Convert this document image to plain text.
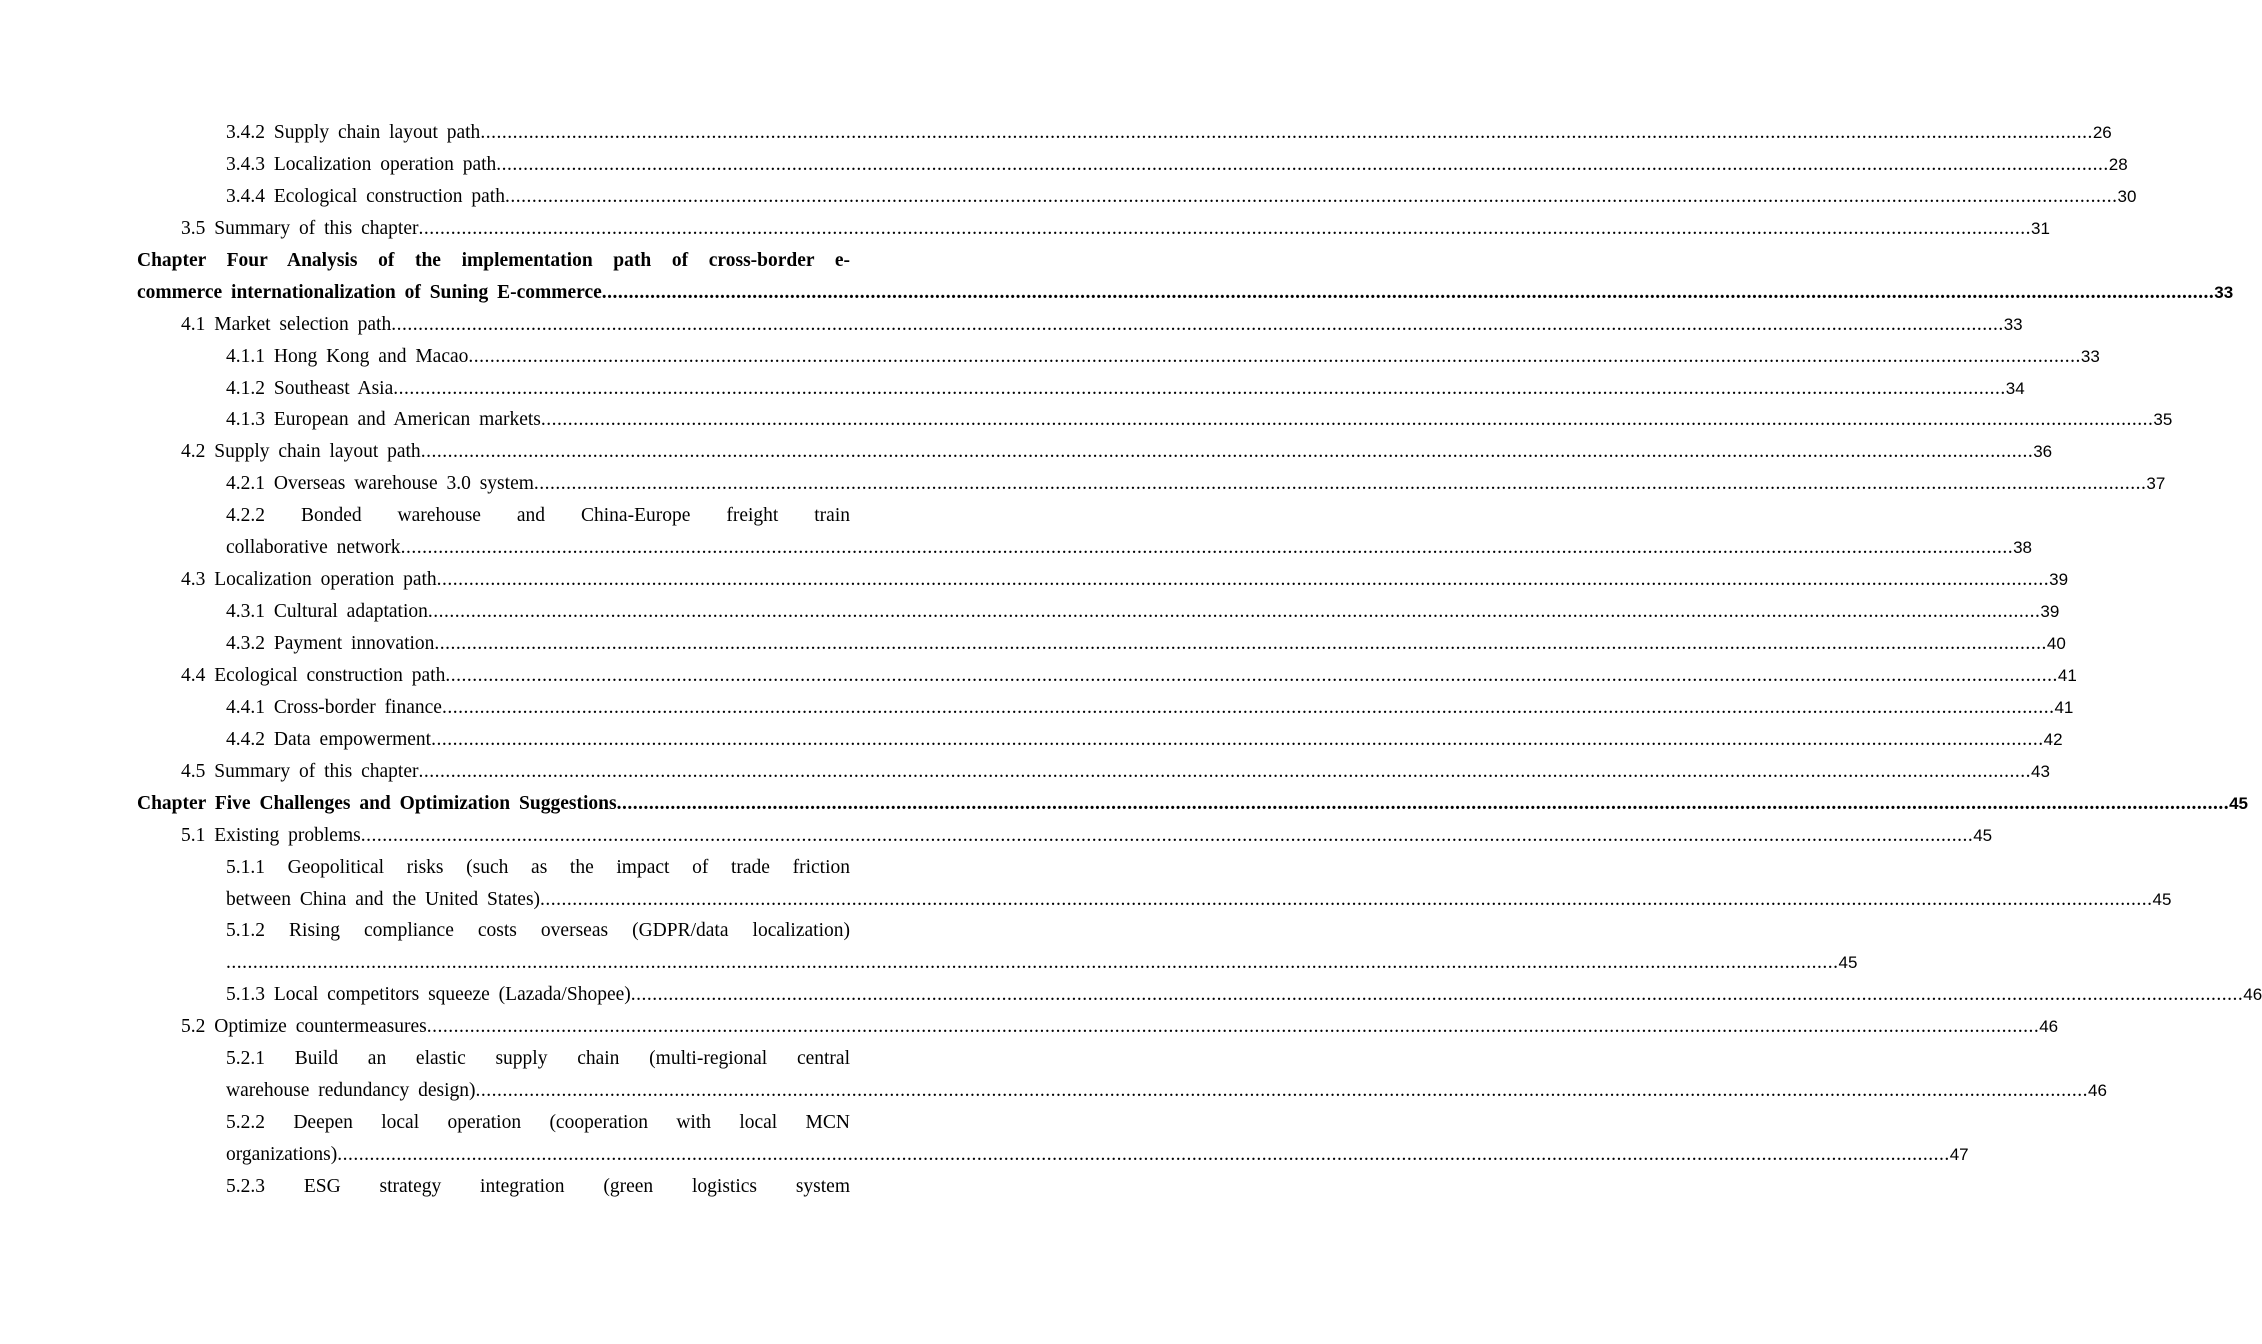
3.4.2 Supply chain layout path ............................................................................................................................................................................................................................................................................................................ 26
3.4.3 Localization operation path ............................................................................................................................................................................................................................................................................................................ 28
3.4.4 Ecological construction path ............................................................................................................................................................................................................................................................................................................ 30
3.5 Summary of this chapter ............................................................................................................................................................................................................................................................................................................ 31
Chapter Four Analysis of the implementation path of cross-border e-
commerce internationalization of Suning E-commerce ............................................................................................................................................................................................................................................................................................................ 33
4.1 Market selection path ............................................................................................................................................................................................................................................................................................................ 33
4.1.1 Hong Kong and Macao ............................................................................................................................................................................................................................................................................................................ 33
4.1.2 Southeast Asia ............................................................................................................................................................................................................................................................................................................ 34
4.1.3 European and American markets ............................................................................................................................................................................................................................................................................................................ 35
4.2 Supply chain layout path ............................................................................................................................................................................................................................................................................................................ 36
4.2.1 Overseas warehouse 3.0 system ............................................................................................................................................................................................................................................................................................................ 37
4.2.2 Bonded warehouse and China-Europe freight train
collaborative network ............................................................................................................................................................................................................................................................................................................ 38
4.3 Localization operation path ............................................................................................................................................................................................................................................................................................................ 39
4.3.1 Cultural adaptation ............................................................................................................................................................................................................................................................................................................ 39
4.3.2 Payment innovation ............................................................................................................................................................................................................................................................................................................ 40
4.4 Ecological construction path ............................................................................................................................................................................................................................................................................................................ 41
4.4.1 Cross-border finance ............................................................................................................................................................................................................................................................................................................ 41
4.4.2 Data empowerment ............................................................................................................................................................................................................................................................................................................ 42
4.5 Summary of this chapter ............................................................................................................................................................................................................................................................................................................ 43
Chapter Five Challenges and Optimization Suggestions ............................................................................................................................................................................................................................................................................................................ 45
5.1 Existing problems ............................................................................................................................................................................................................................................................................................................ 45
5.1.1 Geopolitical risks (such as the impact of trade friction
between China and the United States) ............................................................................................................................................................................................................................................................................................................ 45
5.1.2 Rising compliance costs overseas (GDPR/data localization)
............................................................................................................................................................................................................................................................................................................ 45
5.1.3 Local competitors squeeze (Lazada/Shopee) ............................................................................................................................................................................................................................................................................................................ 46
5.2 Optimize countermeasures ............................................................................................................................................................................................................................................................................................................ 46
5.2.1 Build an elastic supply chain (multi-regional central
warehouse redundancy design) ............................................................................................................................................................................................................................................................................................................ 46
5.2.2 Deepen local operation (cooperation with local MCN
organizations) ............................................................................................................................................................................................................................................................................................................ 47
5.2.3 ESG strategy integration (green logistics system
